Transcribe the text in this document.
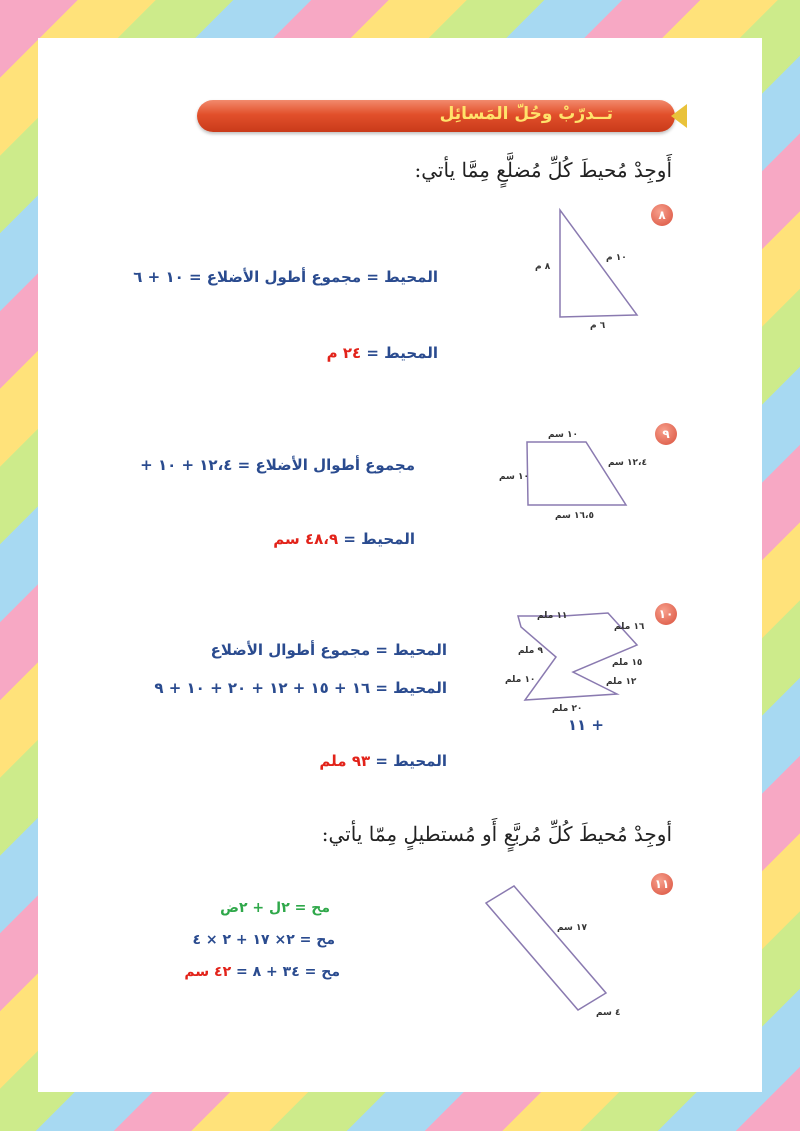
تــدرّبْ وحُلّ المَسائِل
أَوجِدْ مُحيطَ كُلِّ مُضلَّعٍ مِمَّا يأتي:
٨
٨ م
١٠ م
٦ م
المحيط = مجموع أطول الأضلاع = ١٠ + ٦
المحيط = ٢٤ م
٩
١٠ سم
١٢،٤ سم
١٠ سم
١٦،٥ سم
مجموع أطوال الأضلاع = ١٢،٤ + ١٠ +
المحيط = ٤٨،٩ سم
١٠
١١ ملم
١٦ ملم
٩ ملم
١٥ ملم
١٢ ملم
١٠ ملم
٢٠ ملم
المحيط = مجموع أطوال الأضلاع
المحيط = ١٦ + ١٥ + ١٢ + ٢٠ + ١٠ + ٩
+ ١١
المحيط = ٩٣ ملم
أوجِدْ مُحيطَ كُلِّ مُربَّعٍ أَو مُستطيلٍ مِمّا يأتي:
١١
١٧ سم
٤ سم
مح = ٢ل + ٢ض
مح = ٢× ١٧ + ٢ × ٤
مح = ٣٤ + ٨ = ٤٢ سم
